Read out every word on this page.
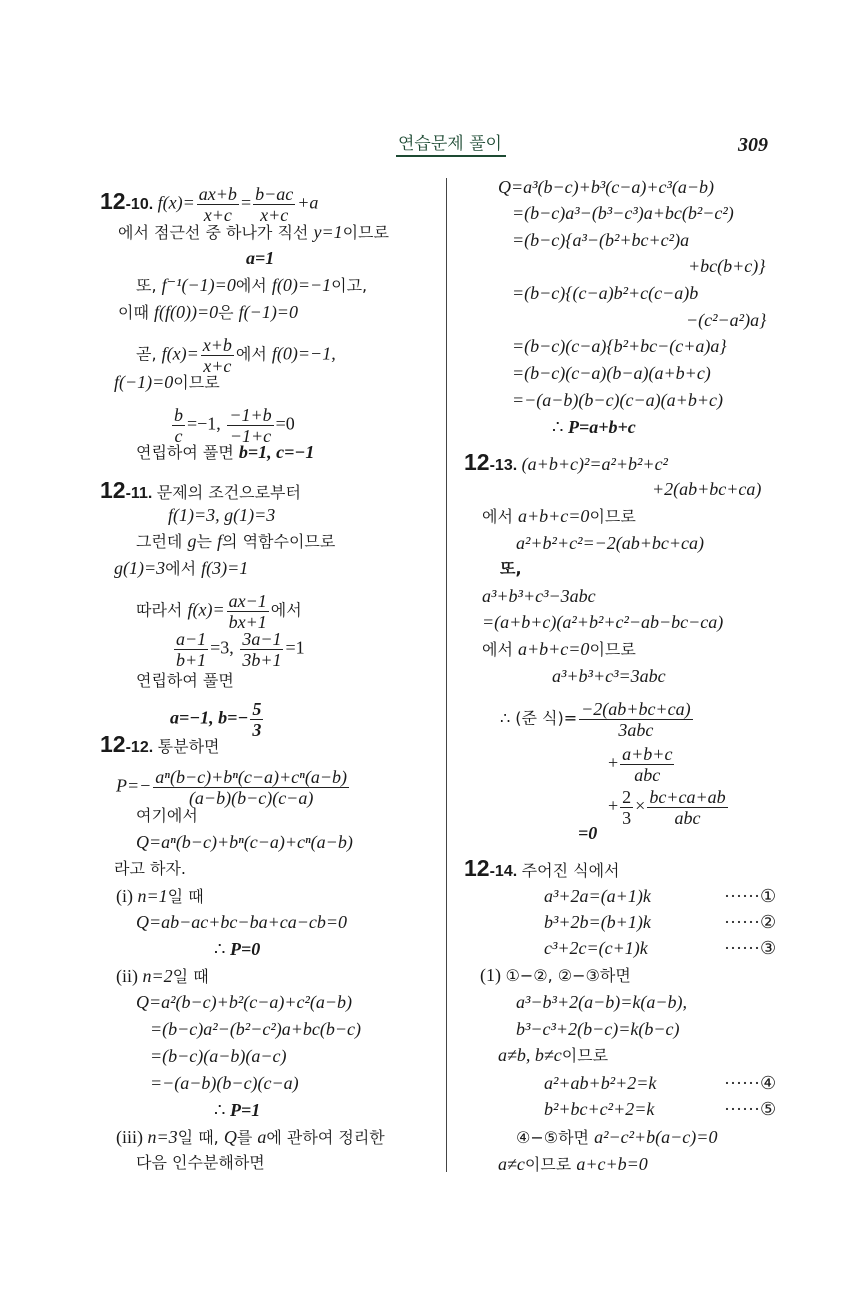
연습문제 풀이	309
12-10. $f(x)= \frac{ax+b}{x+c} = \frac{b-ac}{x+c} +a$
에서 점근선 중 하나가 직선 y=1이므로
a=1
또, f⁻¹(−1)=0에서 f(0)=−1이고,
이때 f(f(0))=0은 f(−1)=0
곧, $f(x)= \frac{x+b}{x+c}$ 에서 f(0)=−1,
f(−1)=0이므로
$\frac{b}{c} =-1$, $\frac{-1+b}{-1+c} =0$
연립하여 풀면 b=1, c=−1
12-11. 문제의 조건으로부터
f(1)=3, g(1)=3
그런데 g는 f의 역함수이므로
g(1)=3에서 f(3)=1
따라서 $f(x)= \frac{ax-1}{bx+1}$ 에서
$\frac{a-1}{b+1} =3$, $\frac{3a-1}{3b+1} =1$
연립하여 풀면
a=−1, $b=- \frac{5}{3}$
12-12. 통분하면
$P=- \frac{\text{aⁿ(b−c)+bⁿ(c−a)+cⁿ(a−b)}}{(a-b)(b-c)(c-a)}$
여기에서
Q=aⁿ(b−c)+bⁿ(c−a)+cⁿ(a−b)
라고 하자.
(i) n=1일 때
Q=ab−ac+bc−ba+ca−cb=0
∴ P=0
(ii) n=2일 때
Q=a²(b−c)+b²(c−a)+c²(a−b)
=(b−c)a²−(b²−c²)a+bc(b−c)
=(b−c)(a−b)(a−c)
=−(a−b)(b−c)(c−a)
∴ P=1
(iii) n=3일 때, Q를 a에 관하여 정리한
다음 인수분해하면
Q=a³(b−c)+b³(c−a)+c³(a−b)
=(b−c)a³−(b³−c³)a+bc(b²−c²)
=(b−c){a³−(b²+bc+c²)a
+bc(b+c)}
=(b−c){(c−a)b²+c(c−a)b
−(c²−a²)a}
=(b−c)(c−a){b²+bc−(c+a)a}
=(b−c)(c−a)(b−a)(a+b+c)
=−(a−b)(b−c)(c−a)(a+b+c)
∴ P=a+b+c
12-13. (a+b+c)²=a²+b²+c²
+2(ab+bc+ca)
에서 a+b+c=0이므로
a²+b²+c²=−2(ab+bc+ca)
또,
a³+b³+c³−3abc
=(a+b+c)(a²+b²+c²−ab−bc−ca)
에서 a+b+c=0이므로
a³+b³+c³=3abc
∴ (준 식)= −2(ab+bc+ca)
3abc
+ a+b+c
abc
+ $\frac{2}{3} \times bc+ca+ab$
abc
=0
12-14. 주어진 식에서
a³+2a=(a+1)k	······①
b³+2b=(b+1)k	······②
c³+2c=(c+1)k	······③
(1) ①−②, ②−③하면
a³−b³+2(a−b)=k(a−b),
b³−c³+2(b−c)=k(b−c)
a≠b, b≠c이므로
a²+ab+b²+2=k	······④
b²+bc+c²+2=k	······⑤
④−⑤하면 a²−c²+b(a−c)=0
a≠c이므로 a+c+b=0
